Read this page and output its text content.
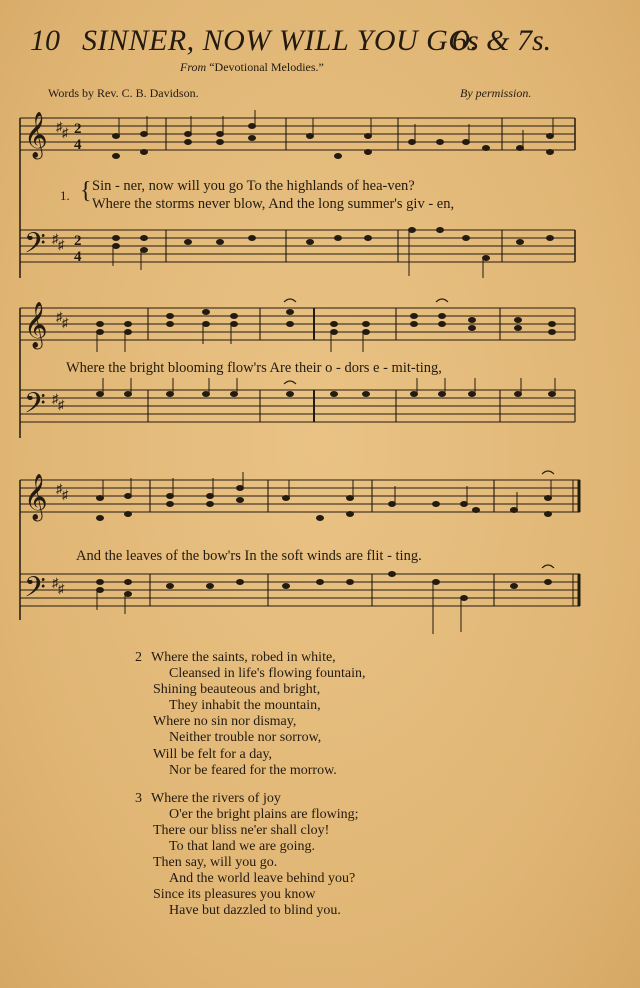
10 SINNER, NOW WILL YOU GO.
6s & 7s.
From “Devotional Melodies.”
Words by Rev. C. B. Davidson.	By permission.
𝄞
𝄢
♯ ♯
♯ ♯
2
4
2
4
1. { Sin - ner, now will you go To the highlands of hea-ven?
Where the storms never blow, And the long summer's giv - en,
𝄞
𝄢
♯ ♯
♯ ♯
Where the bright blooming flow'rs Are their o - dors e - mit-ting,
𝄞
𝄢
♯ ♯
♯ ♯
And the leaves of the bow'rs In the soft winds are flit - ting.
2 Where the saints, robed in white,
Cleansed in life's flowing fountain,
Shining beauteous and bright,
They inhabit the mountain,
Where no sin nor dismay,
Neither trouble nor sorrow,
Will be felt for a day,
Nor be feared for the morrow.
3 Where the rivers of joy
O'er the bright plains are flowing;
There our bliss ne'er shall cloy!
To that land we are going.
Then say, will you go.
And the world leave behind you?
Since its pleasures you know
Have but dazzled to blind you.
